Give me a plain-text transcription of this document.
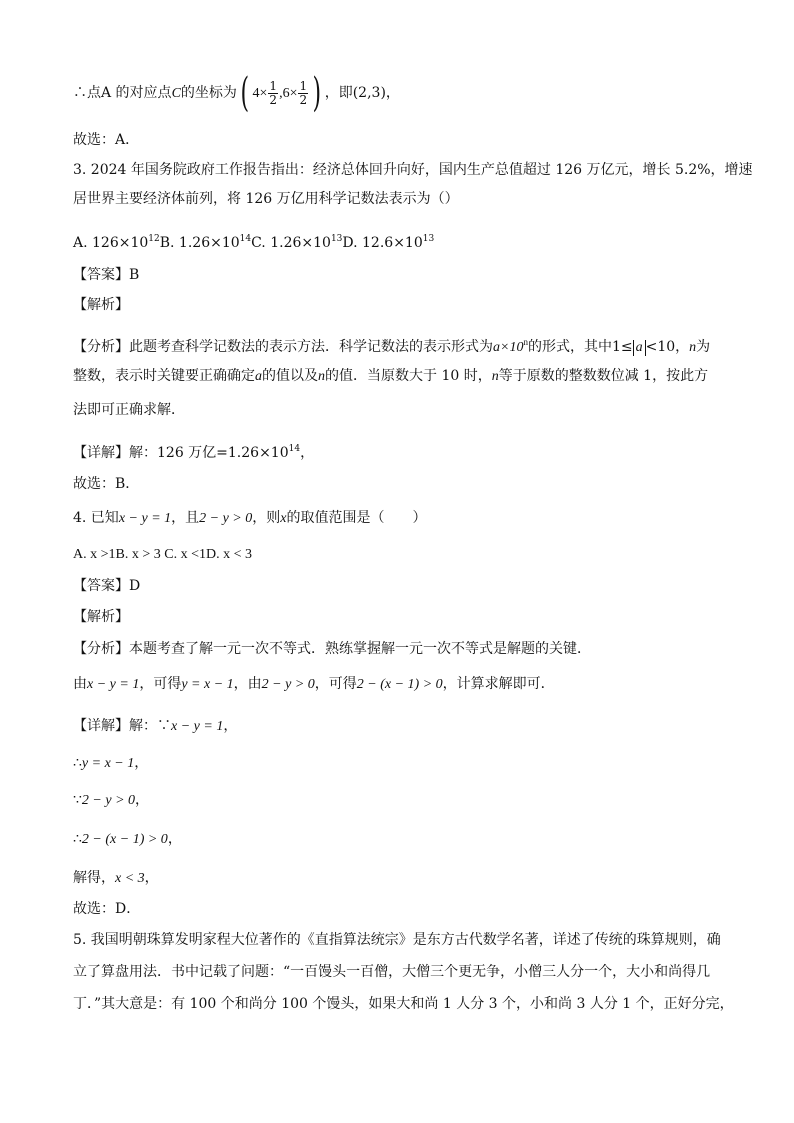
∴点A 的对应点C的坐标为( $4\times \frac{1}{2} ,6\times \frac{1}{2}$ ) ，即(2,3)，
故选：A．
3. 2024 年国务院政府工作报告指出：经济总体回升向好，国内生产总值超过 126 万亿元，增长 5.2%，增速
居世界主要经济体前列，将 126 万亿用科学记数法表示为（）
A. $126\times 10^{12}B$. $1.26\times 10^{14}C$. $1.26\times 10^{13}D$. $12.6\times 10^{13}$
【答案】B
【解析】
【分析】此题考查科学记数法的表示方法．科学记数法的表示形式为$a\times 10^n$的形式，其中1≤ a <10，n为
整数，表示时关键要正确确定a的值以及n的值．当原数大于 10 时，n等于原数的整数数位减 1，按此方
法即可正确求解．
【详解】解：126 万亿$=1.26\times 10^{14}$，
故选：B．
4. 已知x − y = 1，且2 − y > 0，则x的取值范围是（　　）
A. x >1B. x > 3 C. x <1D. x < 3
【答案】D
【解析】
【分析】本题考查了解一元一次不等式．熟练掌握解一元一次不等式是解题的关键．
由x − y = 1，可得y = x − 1，由2 − y > 0，可得2 − (x − 1) > 0，计算求解即可．
【详解】解：∵x − y = 1，
∴y = x − 1，
∵2 − y > 0，
∴2 − (x − 1) > 0，
解得，x < 3，
故选：D．
5. 我国明朝珠算发明家程大位著作的《直指算法统宗》是东方古代数学名著，详述了传统的珠算规则，确
立了算盘用法．书中记载了问题：“一百馒头一百僧，大僧三个更无争，小僧三人分一个，大小和尚得几
丁．”其大意是：有 100 个和尚分 100 个馒头，如果大和尚 1 人分 3 个，小和尚 3 人分 1 个，正好分完，
